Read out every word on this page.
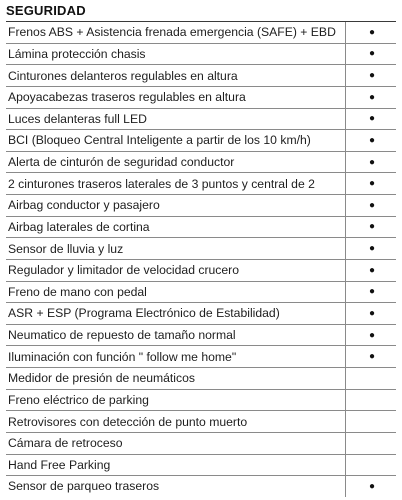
SEGURIDAD
Frenos ABS + Asistencia frenada emergencia (SAFE) + EBD	●
Lámina protección chasis	●
Cinturones delanteros regulables en altura	●
Apoyacabezas traseros regulables en altura	●
Luces delanteras full LED	●
BCI (Bloqueo Central Inteligente a partir de los 10 km/h)	●
Alerta de cinturón de seguridad conductor	●
2 cinturones traseros laterales de 3 puntos y central de 2	●
Airbag conductor y pasajero	●
Airbag laterales de cortina	●
Sensor de lluvia y luz	●
Regulador y limitador de velocidad crucero	●
Freno de mano con pedal	●
ASR + ESP (Programa Electrónico de Estabilidad)	●
Neumatico de repuesto de tamaño normal	●
Iluminación con función " follow me home"	●
Medidor de presión de neumáticos
Freno eléctrico de parking
Retrovisores con detección de punto muerto
Cámara de retroceso
Hand Free Parking
Sensor de parqueo traseros	●
